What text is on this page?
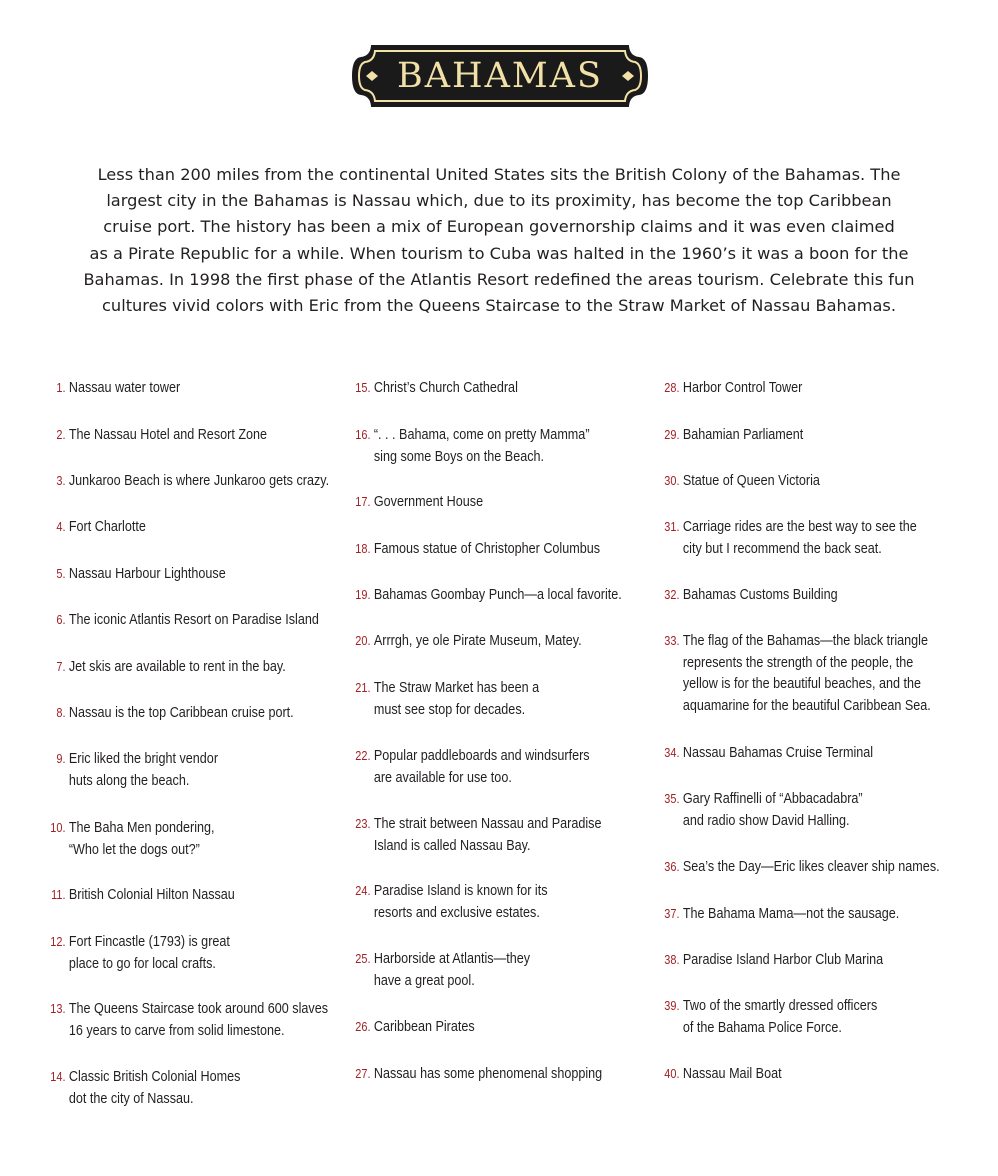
BAHAMAS
Less than 200 miles from the continental United States sits the British Colony of the Bahamas. The
largest city in the Bahamas is Nassau which, due to its proximity, has become the top Caribbean
cruise port. The history has been a mix of European governorship claims and it was even claimed
as a Pirate Republic for a while. When tourism to Cuba was halted in the 1960’s it was a boon for the
Bahamas. In 1998 the first phase of the Atlantis Resort redefined the areas tourism. Celebrate this fun
cultures vivid colors with Eric from the Queens Staircase to the Straw Market of Nassau Bahamas.
1. Nassau water tower
2. The Nassau Hotel and Resort Zone
3. Junkaroo Beach is where Junkaroo gets crazy.
4. Fort Charlotte
5. Nassau Harbour Lighthouse
6. The iconic Atlantis Resort on Paradise Island
7. Jet skis are available to rent in the bay.
8. Nassau is the top Caribbean cruise port.
9. Eric liked the bright vendor
huts along the beach.
10. The Baha Men pondering,
“Who let the dogs out?”
11. British Colonial Hilton Nassau
12. Fort Fincastle (1793) is great
place to go for local crafts.
13. The Queens Staircase took around 600 slaves
16 years to carve from solid limestone.
14. Classic British Colonial Homes
dot the city of Nassau.
15. Christ’s Church Cathedral
16. “. . . Bahama, come on pretty Mamma”
sing some Boys on the Beach.
17. Government House
18. Famous statue of Christopher Columbus
19. Bahamas Goombay Punch—a local favorite.
20. Arrrgh, ye ole Pirate Museum, Matey.
21. The Straw Market has been a
must see stop for decades.
22. Popular paddleboards and windsurfers
are available for use too.
23. The strait between Nassau and Paradise
Island is called Nassau Bay.
24. Paradise Island is known for its
resorts and exclusive estates.
25. Harborside at Atlantis—they
have a great pool.
26. Caribbean Pirates
27. Nassau has some phenomenal shopping
28. Harbor Control Tower
29. Bahamian Parliament
30. Statue of Queen Victoria
31. Carriage rides are the best way to see the
city but I recommend the back seat.
32. Bahamas Customs Building
33. The flag of the Bahamas—the black triangle
represents the strength of the people, the
yellow is for the beautiful beaches, and the
aquamarine for the beautiful Caribbean Sea.
34. Nassau Bahamas Cruise Terminal
35. Gary Raffinelli of “Abbacadabra”
and radio show David Halling.
36. Sea’s the Day—Eric likes cleaver ship names.
37. The Bahama Mama—not the sausage.
38. Paradise Island Harbor Club Marina
39. Two of the smartly dressed officers
of the Bahama Police Force.
40. Nassau Mail Boat
